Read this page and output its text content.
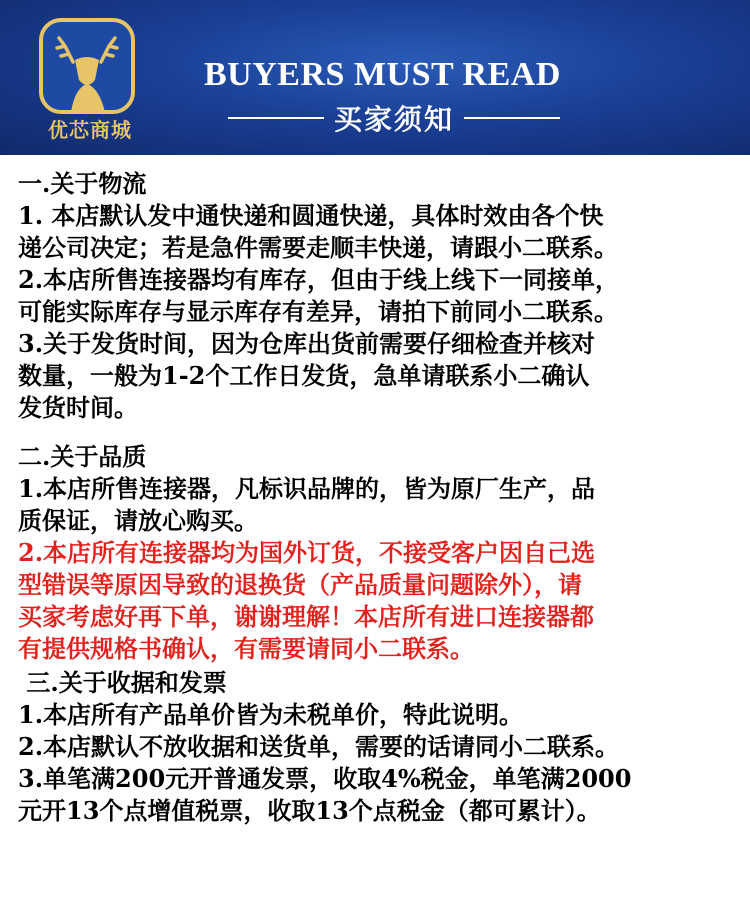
优芯商城
BUYERS MUST READ
买家须知
一.关于物流
1. 本店默认发中通快递和圆通快递，具体时效由各个快
递公司决定；若是急件需要走顺丰快递，请跟小二联系。
2.本店所售连接器均有库存，但由于线上线下一同接单，
可能实际库存与显示库存有差异，请拍下前同小二联系。
3.关于发货时间，因为仓库出货前需要仔细检查并核对
数量，一般为1-2个工作日发货，急单请联系小二确认
发货时间。
二.关于品质
1.本店所售连接器，凡标识品牌的，皆为原厂生产，品
质保证，请放心购买。
2.本店所有连接器均为国外订货，不接受客户因自己选
型错误等原因导致的退换货（产品质量问题除外），请
买家考虑好再下单，谢谢理解！本店所有进口连接器都
有提供规格书确认，有需要请同小二联系。
三.关于收据和发票
1.本店所有产品单价皆为未税单价，特此说明。
2.本店默认不放收据和送货单，需要的话请同小二联系。
3.单笔满200元开普通发票，收取4%税金，单笔满2000
元开13个点增值税票，收取13个点税金（都可累计）。
